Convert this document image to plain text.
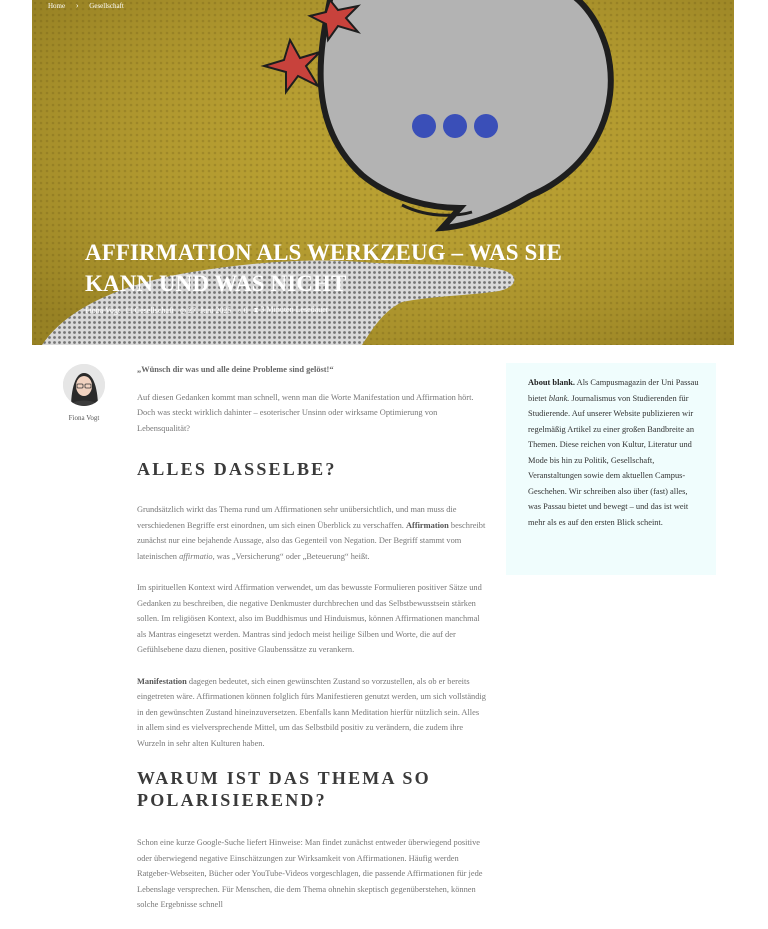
Home › Gesellschaft
AFFIRMATION ALS WERKZEUG – WAS SIE
KANN UND WAS NICHT
Fiona Vogt ☐ Gesellschaft ◷ 27. Juni 2025 ○ 0 ⧗ 3 Minuten Lesedauer
Fiona Vogt

„Wünsch dir was und alle deine Probleme sind gelöst!“

Auf diesen Gedanken kommt man schnell, wenn man die Worte Manifestation und Affirmation hört. Doch was steckt wirklich dahinter – esoterischer Unsinn oder wirksame Optimierung von Lebensqualität?

ALLES DASSELBE?

Grundsätzlich wirkt das Thema rund um Affirmationen sehr unübersichtlich, und man muss die verschiedenen Begriffe erst einordnen, um sich einen Überblick zu verschaffen. Affirmation beschreibt zunächst nur eine bejahende Aussage, also das Gegenteil von Negation. Der Begriff stammt vom lateinischen affirmatio, was „Versicherung“ oder „Beteuerung“ heißt.

Im spirituellen Kontext wird Affirmation verwendet, um das bewusste Formulieren positiver Sätze und Gedanken zu beschreiben, die negative Denkmuster durchbrechen und das Selbstbewusstsein stärken sollen. Im religiösen Kontext, also im Buddhismus und Hinduismus, können Affirmationen manchmal als Mantras eingesetzt werden. Mantras sind jedoch meist heilige Silben und Worte, die auf der Gefühlsebene dazu dienen, positive Glaubenssätze zu verankern.

Manifestation dagegen bedeutet, sich einen gewünschten Zustand so vorzustellen, als ob er bereits eingetreten wäre. Affirmationen können folglich fürs Manifestieren genutzt werden, um sich vollständig in den gewünschten Zustand hineinzuversetzen. Ebenfalls kann Meditation hierfür nützlich sein. Alles in allem sind es vielversprechende Mittel, um das Selbstbild positiv zu verändern, die zudem ihre Wurzeln in sehr alten Kulturen haben.

WARUM IST DAS THEMA SO POLARISIEREND?

Schon eine kurze Google-Suche liefert Hinweise: Man findet zunächst entweder überwiegend positive oder überwiegend negative Einschätzungen zur Wirksamkeit von Affirmationen. Häufig werden Ratgeber-Webseiten, Bücher oder YouTube-Videos vorgeschlagen, die passende Affirmationen für jede Lebenslage versprechen. Für Menschen, die dem Thema ohnehin skeptisch gegenüberstehen, können solche Ergebnisse schnell

About blank. Als Campusmagazin der Uni Passau bietet blank. Journalismus von Studierenden für Studierende. Auf unserer Website publizieren wir regelmäßig Artikel zu einer großen Bandbreite an Themen. Diese reichen von Kultur, Literatur und Mode bis hin zu Politik, Gesellschaft, Veranstaltungen sowie dem aktuellen Campus-Geschehen. Wir schreiben also über (fast) alles, was Passau bietet und bewegt – und das ist weit mehr als es auf den ersten Blick scheint.
